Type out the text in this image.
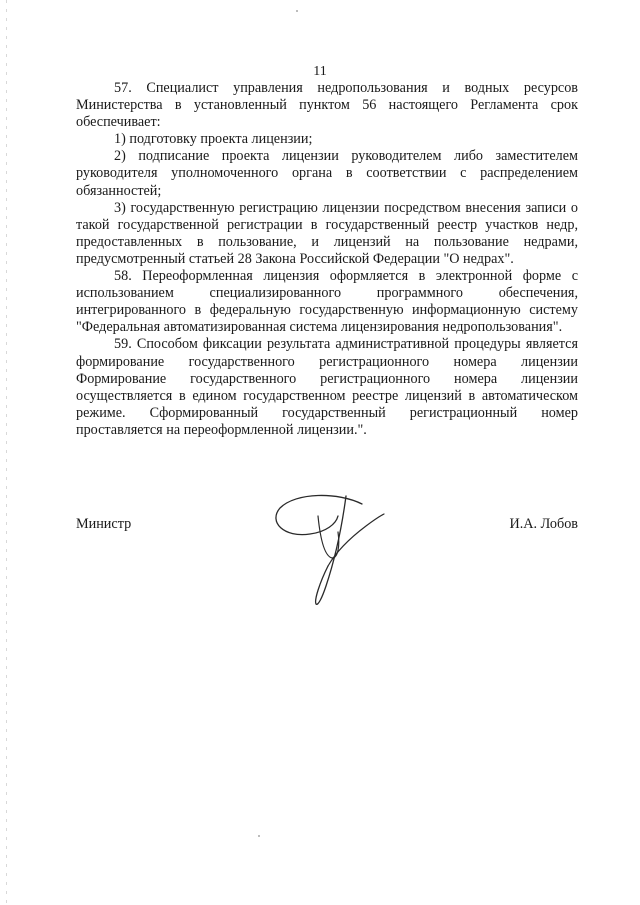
11

57. Специалист управления недропользования и водных ресурсов Министерства в установленный пунктом 56 настоящего Регламента срок обеспечивает:

1) подготовку проекта лицензии;

2) подписание проекта лицензии руководителем либо заместителем руководителя уполномоченного органа в соответствии с распределением обязанностей;

3) государственную регистрацию лицензии посредством внесения записи о такой государственной регистрации в государственный реестр участков недр, предоставленных в пользование, и лицензий на пользование недрами, предусмотренный статьей 28 Закона Российской Федерации "О недрах".

58. Переоформленная лицензия оформляется в электронной форме с использованием специализированного программного обеспечения, интегрированного в федеральную государственную информационную систему "Федеральная автоматизированная система лицензирования недропользования".

59. Способом фиксации результата административной процедуры является формирование государственного регистрационного номера лицензии Формирование государственного регистрационного номера лицензии осуществляется в едином государственном реестре лицензий в автоматическом режиме. Сформированный государственный регистрационный номер проставляется на переоформленной лицензии.".

Министр	И.А. Лобов
